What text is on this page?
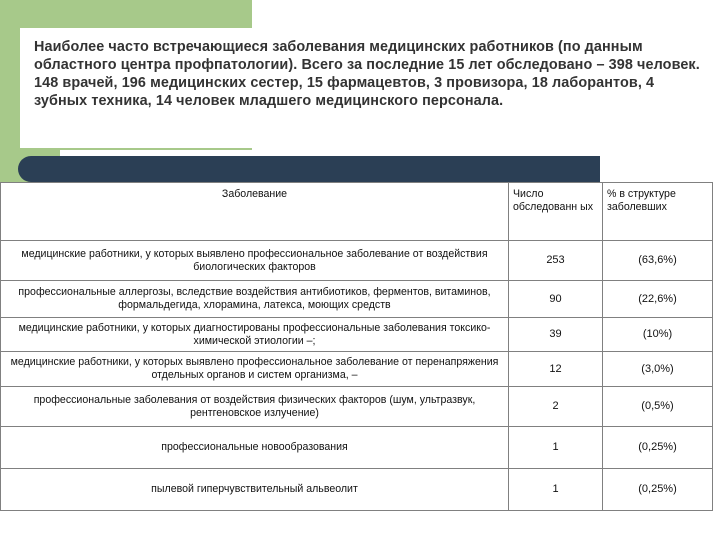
Наиболее часто встречающиеся заболевания медицинских работников (по данным областного центра профпатологии). Всего за последние 15 лет обследовано – 398 человек. 148 врачей, 196 медицинских сестер, 15 фармацевтов, 3 провизора, 18 лаборантов, 4 зубных техника, 14 человек младшего медицинского персонала.
Заболевание	Число обследованн ых	% в структуре заболевших
медицинские работники, у которых выявлено профессиональное заболевание от воздействия биологических факторов	253	(63,6%)
профессиональные аллергозы, вследствие воздействия антибиотиков, ферментов, витаминов, формальдегида, хлорамина, латекса, моющих средств	90	(22,6%)
медицинские работники, у которых диагностированы профессиональные заболевания токсико-химической этиологии –;	39	(10%)
медицинские работники, у которых выявлено профессиональное заболевание от перенапряжения отдельных органов и систем организма, –	12	(3,0%)
профессиональные заболевания от воздействия физических факторов (шум, ультразвук, рентгеновское излучение)	2	(0,5%)
профессиональные новообразования	1	(0,25%)
пылевой гиперчувствительный альвеолит	1	(0,25%)
